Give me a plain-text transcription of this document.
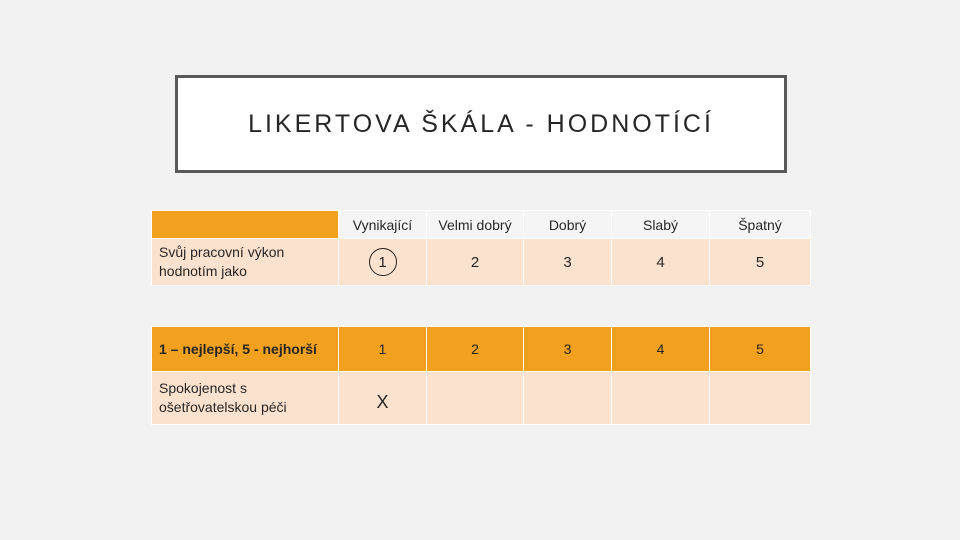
LIKERTOVA ŠKÁLA - HODNOTÍCÍ
	Vynikající	Velmi dobrý	Dobrý	Slabý	Špatný
Svůj pracovní výkon hodnotím jako	1	2	3	4	5

1 – nejlepší, 5 - nejhorší	1	2	3	4	5
Spokojenost s ošetřovatelskou péči	X				
